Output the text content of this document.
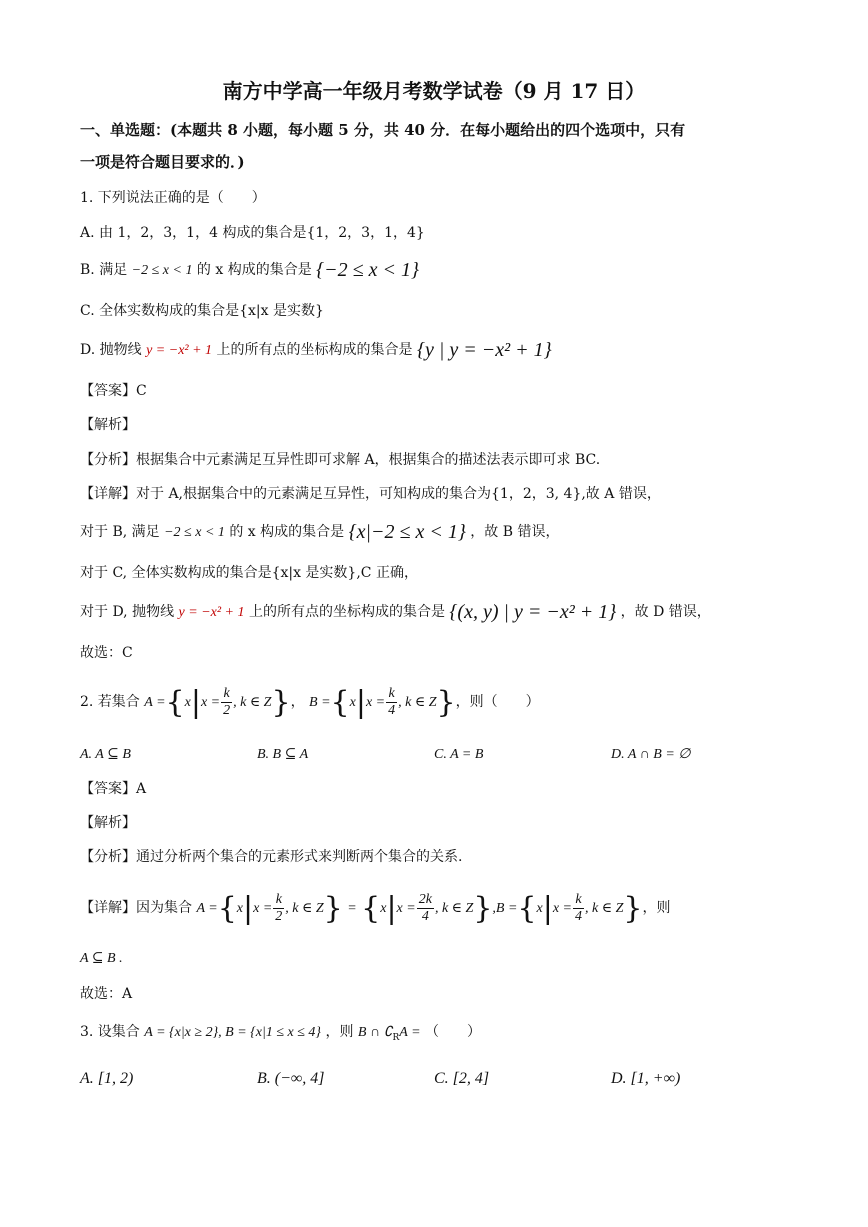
南方中学高一年级月考数学试卷（9 月 17 日）
一、单选题：(本题共 8 小题，每小题 5 分，共 40 分．在每小题给出的四个选项中，只有
一项是符合题目要求的．)
1. 下列说法正确的是（　　）
A. 由 1，2，3，1，4 构成的集合是{1，2，3，1，4}
B. 满足 −2 ≤ x < 1 的 x 构成的集合是 {−2 ≤ x < 1}
C. 全体实数构成的集合是{x|x 是实数}
D. 抛物线 y = −x² + 1 上的所有点的坐标构成的集合是 {y | y = −x² + 1}
【答案】C
【解析】
【分析】根据集合中元素满足互异性即可求解 A，根据集合的描述法表示即可求 BC.
【详解】对于 A,根据集合中的元素满足互异性，可知构成的集合为{1，2，3, 4},故 A 错误，
对于 B, 满足 −2 ≤ x < 1 的 x 构成的集合是 {x|−2 ≤ x < 1} ，故 B 错误，
对于 C, 全体实数构成的集合是{x|x 是实数},C 正确，
对于 D, 抛物线 y = −x² + 1 上的所有点的坐标构成的集合是 {(x, y) | y = −x² + 1} ，故 D 错误，
故选：C
2. 若集合 $A =\{x|x = \frac{k}{2}$ , k ∈ Z}， $B =\{x|x = \frac{k}{4}$ , k ∈ Z}，则（　　）
A. A ⊆ B	B. B ⊆ A	C. A = B	D. A ∩ B = ∅
【答案】A
【解析】
【分析】通过分析两个集合的元素形式来判断两个集合的关系.
【详解】因为集合 $A =\{x|x = \frac{k}{2}$ , k ∈ $Z\} = \{x|x = \frac{2k}{4}$ , k ∈ $Z\},B =\{x|x = \frac{k}{4}$ , k ∈ Z}，则
A ⊆ B .
故选：A
3. 设集合 A = {x|x ≥ 2}, B = {x|1 ≤ x ≤ 4} ，则 B ∩ $∁_RA$ = （　　）
A. [1, 2)	B. (−∞, 4]	C. [2, 4]	D. [1, +∞)
